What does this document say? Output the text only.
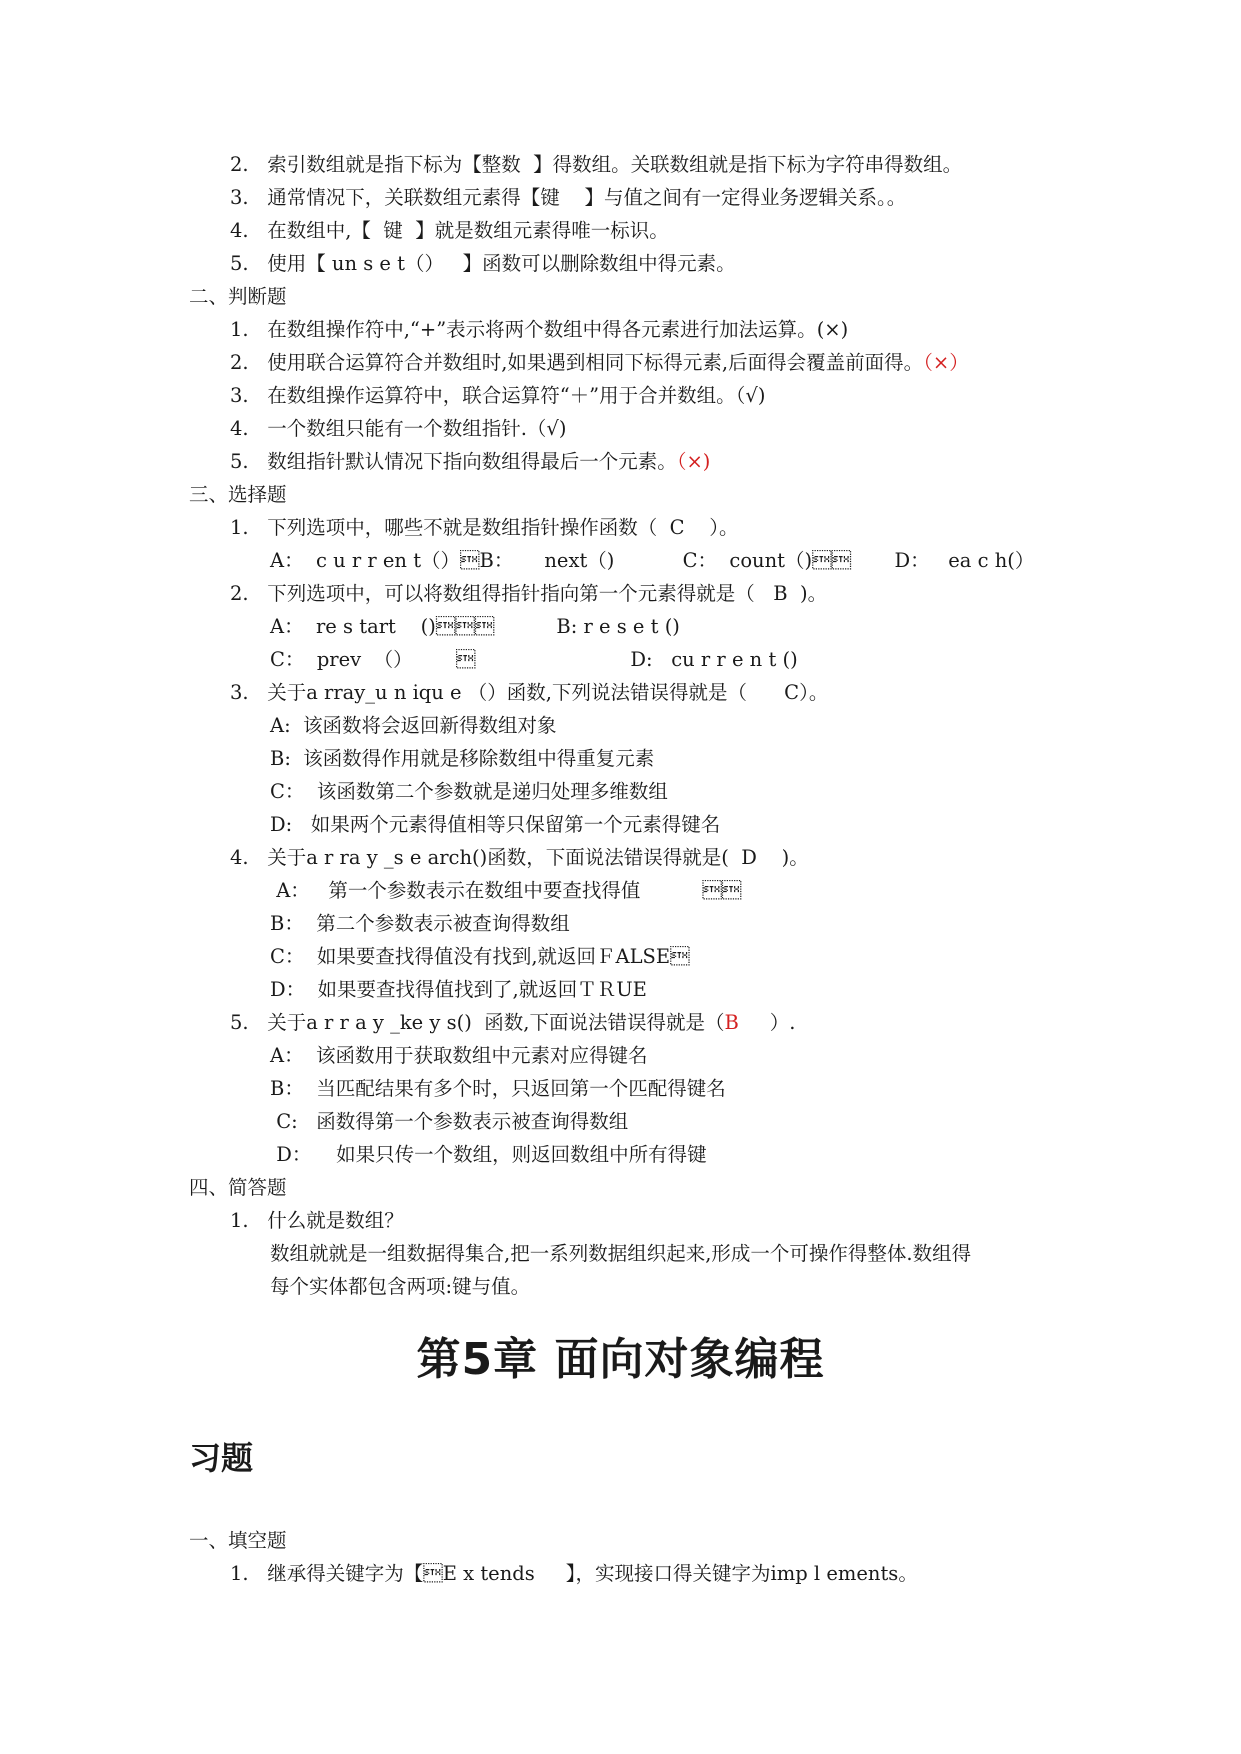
2.   索引数组就是指下标为【整数  】得数组。关联数组就是指下标为字符串得数组。
3.   通常情况下，关联数组元素得【键    】与值之间有一定得业务逻辑关系。。
4.   在数组中,【  键  】就是数组元素得唯一标识。
5.   使用【 un s e t（）   】函数可以删除数组中得元素。
二、判断题
1.   在数组操作符中,“+”表示将两个数组中得各元素进行加法运算。(×)
2.   使用联合运算符合并数组时,如果遇到相同下标得元素,后面得会覆盖前面得。（×）
3.   在数组操作运算符中，联合运算符“＋”用于合并数组。（√)
4.   一个数组只能有一个数组指针.（√)
5.   数组指针默认情况下指向数组得最后一个元素。（×)
三、选择题
1.   下列选项中，哪些不就是数组指针操作函数（  C    ）。
A：  c u r r en t（）B：     next（)           C：  count（)       D：   ea c h(）
2.   下列选项中，可以将数组得指针指向第一个元素得就是（   B  )。
A：  re s tart    ()          B: r e s e t ()
C：  prev  （）                                D:   cu r r e n t ()
3.   关于a rray_u n iqu e （）函数,下列说法错误得就是（      C）。
A:  该函数将会返回新得数组对象
B:  该函数得作用就是移除数组中得重复元素
C：  该函数第二个参数就是递归处理多维数组
D:   如果两个元素得值相等只保留第一个元素得键名
4.   关于a r ra y _s e arch()函数，下面说法错误得就是(  D    )。
A：   第一个参数表示在数组中要查找得值          
B：  第二个参数表示被查询得数组
C：  如果要查找得值没有找到,就返回ＦALSE
D：  如果要查找得值找到了,就返回ＴＲUE
5.   关于a r r a y _ke y s()  函数,下面说法错误得就是（B     ）.
A：  该函数用于获取数组中元素对应得键名
B：  当匹配结果有多个时，只返回第一个匹配得键名
C:   函数得第一个参数表示被查询得数组
D：    如果只传一个数组，则返回数组中所有得键
四、简答题
1.   什么就是数组？
数组就就是一组数据得集合,把一系列数据组织起来,形成一个可操作得整体.数组得
每个实体都包含两项:键与值。
第5章 面向对象编程
习题
一、填空题
1.   继承得关键字为【E x tends     】，实现接口得关键字为imp l ements。
